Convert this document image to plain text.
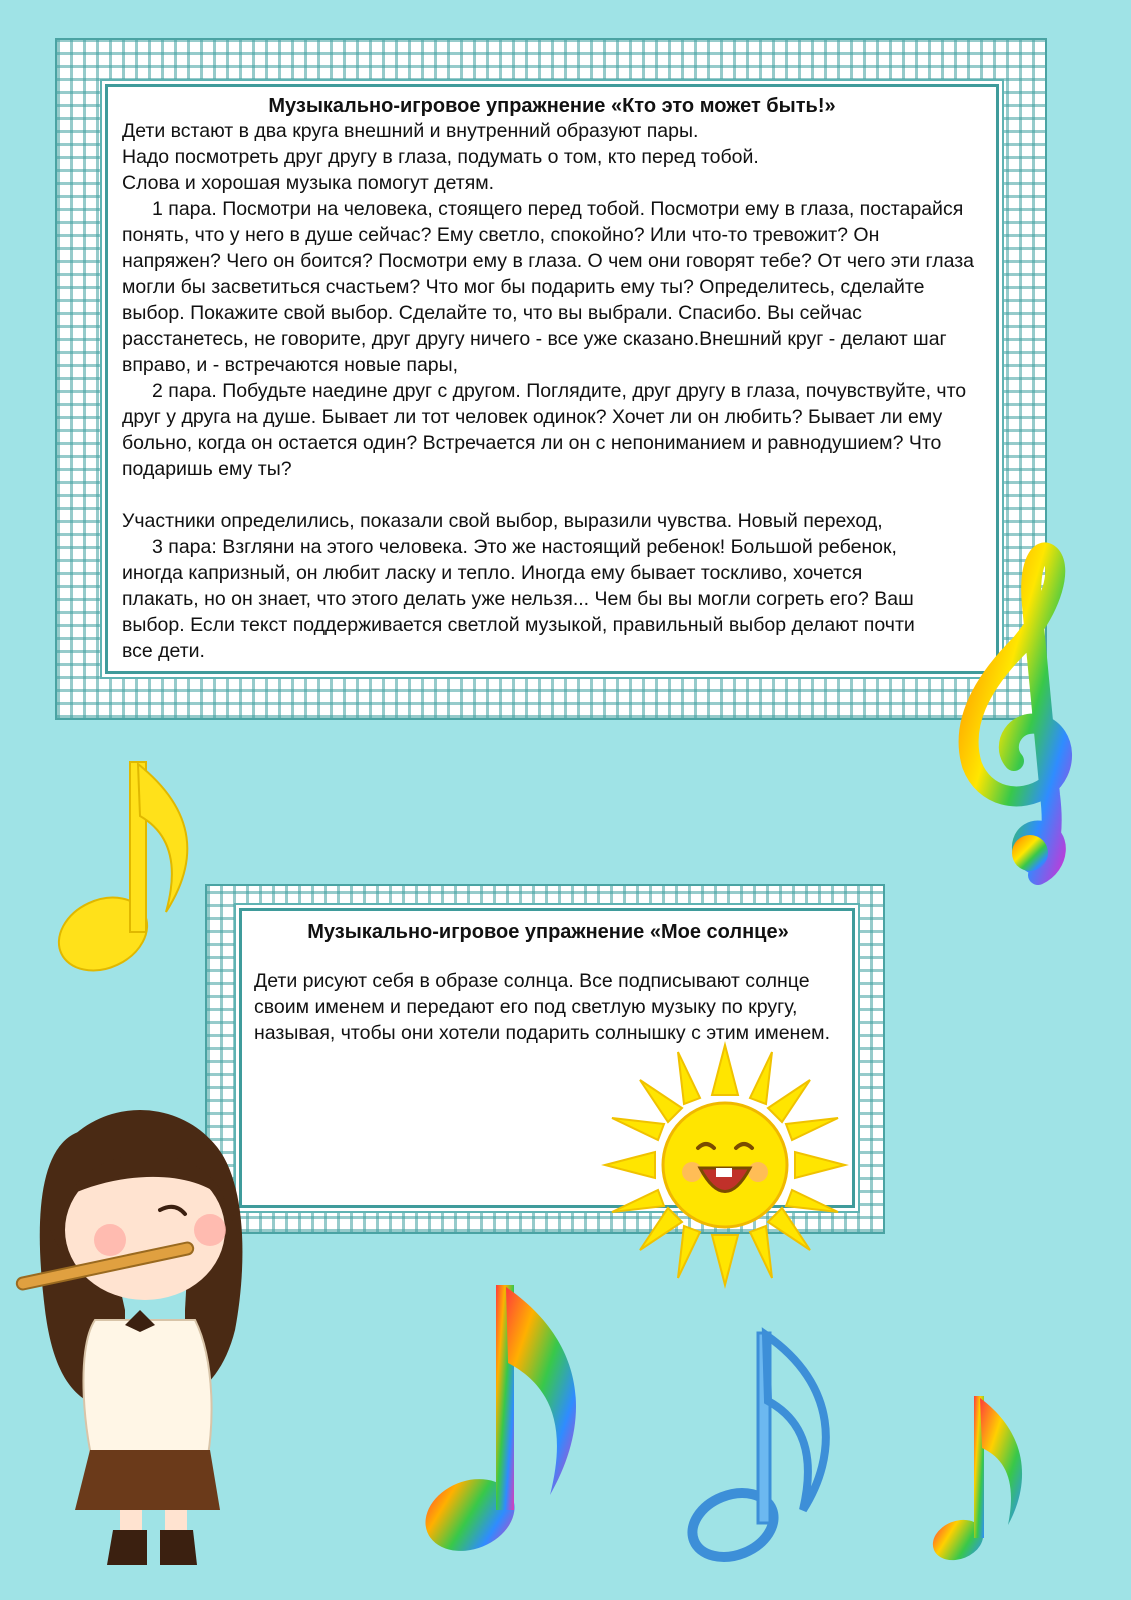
Музыкально-игровое упражнение «Кто это может быть!»

Дети встают в два круга внешний и внутренний образуют пары.

Надо посмотреть друг другу в глаза, подумать о том, кто перед тобой.

Слова и хорошая музыка помогут детям.

1 пара. Посмотри на человека, стоящего перед тобой. Посмотри ему в глаза, постарайся понять, что у него в душе сейчас? Ему светло, спокойно? Или что-то тревожит? Он напряжен? Чего он боится? Посмотри ему в глаза. О чем они говорят тебе? От чего эти глаза могли бы засветиться счастьем? Что мог бы подарить ему ты? Определитесь, сделайте выбор. Покажите свой выбор. Сделайте то, что вы выбрали. Спасибо. Вы сейчас расстанетесь, не говорите, друг другу ничего - все уже сказано.Внешний круг - делают шаг вправо, и - встречаются новые пары,

2 пара. Побудьте наедине друг с другом. Поглядите, друг другу в глаза, почувствуйте, что друг у друга на душе. Бывает ли тот человек одинок? Хочет ли он любить? Бывает ли ему больно, когда он остается один? Встречается ли он с непониманием и равнодушием? Что подаришь ему ты?

Участники определились, показали свой выбор, выразили чувства. Новый переход,

3 пара: Взгляни на этого человека. Это же настоящий ребенок! Большой ребенок, иногда капризный, он любит ласку и тепло. Иногда ему бывает тоскливо, хочется плакать, но он знает, что этого делать уже нельзя... Чем бы вы могли согреть его? Ваш выбор. Если текст поддерживается светлой музыкой, правильный выбор делают почти все дети.

Музыкально-игровое упражнение «Мое солнце»

Дети рисуют себя в образе солнца. Все подписывают солнце своим именем и передают его под светлую музыку по кругу, называя, чтобы они хотели подарить солнышку с этим именем.
